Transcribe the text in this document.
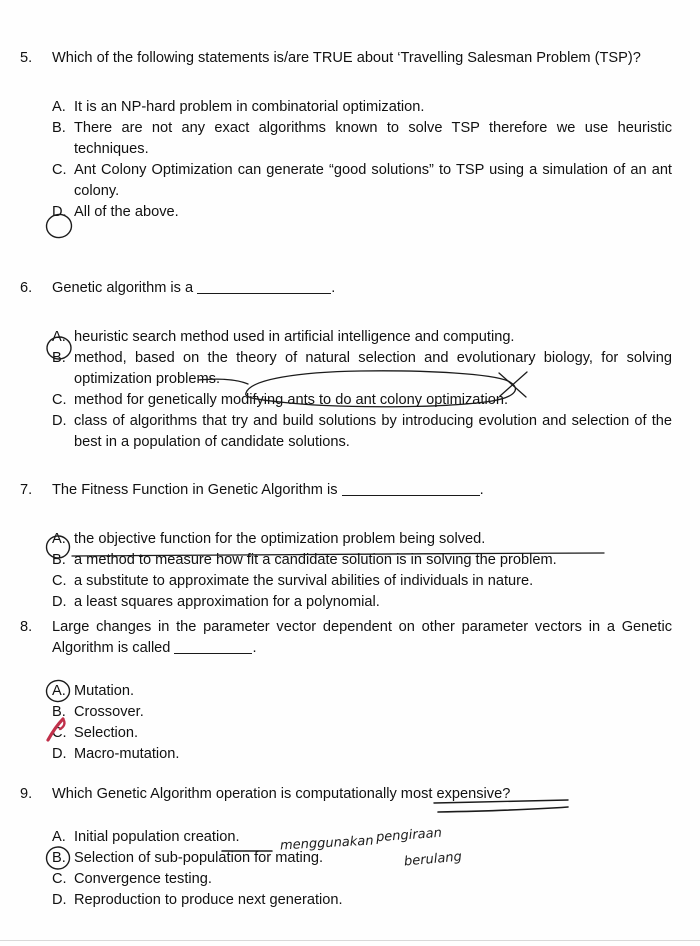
5. Which of the following statements is/are TRUE about ‘Travelling Salesman Problem (TSP)?
A. It is an NP-hard problem in combinatorial optimization.
B. There are not any exact algorithms known to solve TSP therefore we use heuristic techniques.
C. Ant Colony Optimization can generate “good solutions” to TSP using a simulation of an ant colony.
D. All of the above.
6. Genetic algorithm is a	.
A. heuristic search method used in artificial intelligence and computing.
B. method, based on the theory of natural selection and evolutionary biology, for solving optimization problems.
C. method for genetically modifying ants to do ant colony optimization.
D. class of algorithms that try and build solutions by introducing evolution and selection of the best in a population of candidate solutions.
7. The Fitness Function in Genetic Algorithm is	.
A. the objective function for the optimization problem being solved.
B. a method to measure how fit a candidate solution is in solving the problem.
C. a substitute to approximate the survival abilities of individuals in nature.
D. a least squares approximation for a polynomial.
8. Large changes in the parameter vector dependent on other parameter vectors in a Genetic Algorithm is called	.
A. Mutation.
B. Crossover.
C. Selection.
D. Macro-mutation.
9. Which Genetic Algorithm operation is computationally most expensive?
A. Initial population creation.
B. Selection of sub-population for mating.
C. Convergence testing.
D. Reproduction to produce next generation.
menggunakan pengiraan
berulang
